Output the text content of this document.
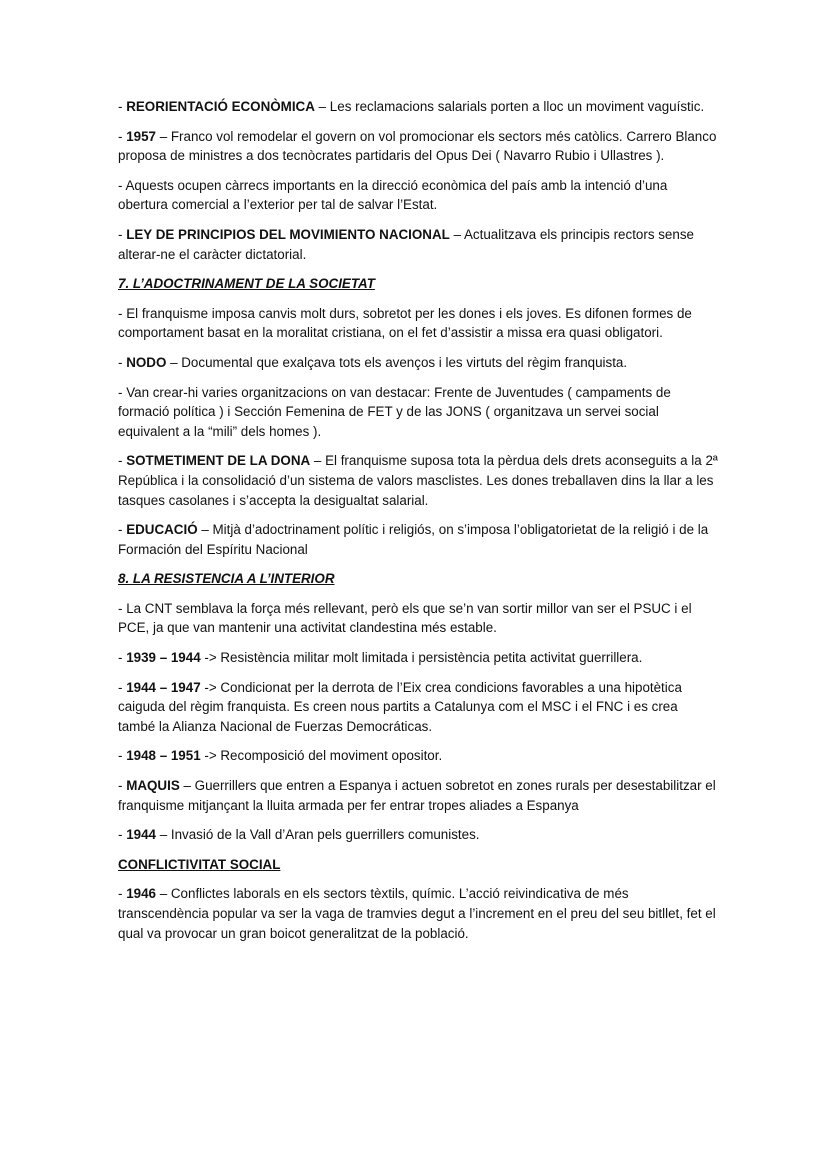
- REORIENTACIÓ ECONÒMICA – Les reclamacions salarials porten a lloc un moviment vaguístic.

- 1957 – Franco vol remodelar el govern on vol promocionar els sectors més catòlics. Carrero Blanco proposa de ministres a dos tecnòcrates partidaris del Opus Dei ( Navarro Rubio i Ullastres ).

- Aquests ocupen càrrecs importants en la direcció econòmica del país amb la intenció d’una obertura comercial a l’exterior per tal de salvar l’Estat.

- LEY DE PRINCIPIOS DEL MOVIMIENTO NACIONAL – Actualitzava els principis rectors sense alterar-ne el caràcter dictatorial.

7. L’ADOCTRINAMENT DE LA SOCIETAT

- El franquisme imposa canvis molt durs, sobretot per les dones i els joves. Es difonen formes de comportament basat en la moralitat cristiana, on el fet d’assistir a missa era quasi obligatori.

- NODO – Documental que exalçava tots els avenços i les virtuts del règim franquista.

- Van crear-hi varies organitzacions on van destacar: Frente de Juventudes ( campaments de formació política ) i Sección Femenina de FET y de las JONS ( organitzava un servei social equivalent a la “mili” dels homes ).

- SOTMETIMENT DE LA DONA – El franquisme suposa tota la pèrdua dels drets aconseguits a la 2ª República i la consolidació d’un sistema de valors masclistes. Les dones treballaven dins la llar a les tasques casolanes i s’accepta la desigualtat salarial.

- EDUCACIÓ – Mitjà d’adoctrinament polític i religiós, on s’imposa l’obligatorietat de la religió i de la Formación del Espíritu Nacional

8. LA RESISTENCIA A L’INTERIOR

- La CNT semblava la força més rellevant, però els que se’n van sortir millor van ser el PSUC i el PCE, ja que van mantenir una activitat clandestina més estable.

- 1939 – 1944 -> Resistència militar molt limitada i persistència petita activitat guerrillera.

- 1944 – 1947 -> Condicionat per la derrota de l’Eix crea condicions favorables a una hipotètica caiguda del règim franquista. Es creen nous partits a Catalunya com el MSC i el FNC i es crea també la Alianza Nacional de Fuerzas Democráticas.

- 1948 – 1951 -> Recomposició del moviment opositor.

- MAQUIS – Guerrillers que entren a Espanya i actuen sobretot en zones rurals per desestabilitzar el franquisme mitjançant la lluita armada per fer entrar tropes aliades a Espanya

- 1944 – Invasió de la Vall d’Aran pels guerrillers comunistes.

CONFLICTIVITAT SOCIAL

- 1946 – Conflictes laborals en els sectors tèxtils, químic. L’acció reivindicativa de més transcendència popular va ser la vaga de tramvies degut a l’increment en el preu del seu bitllet, fet el qual va provocar un gran boicot generalitzat de la població.
